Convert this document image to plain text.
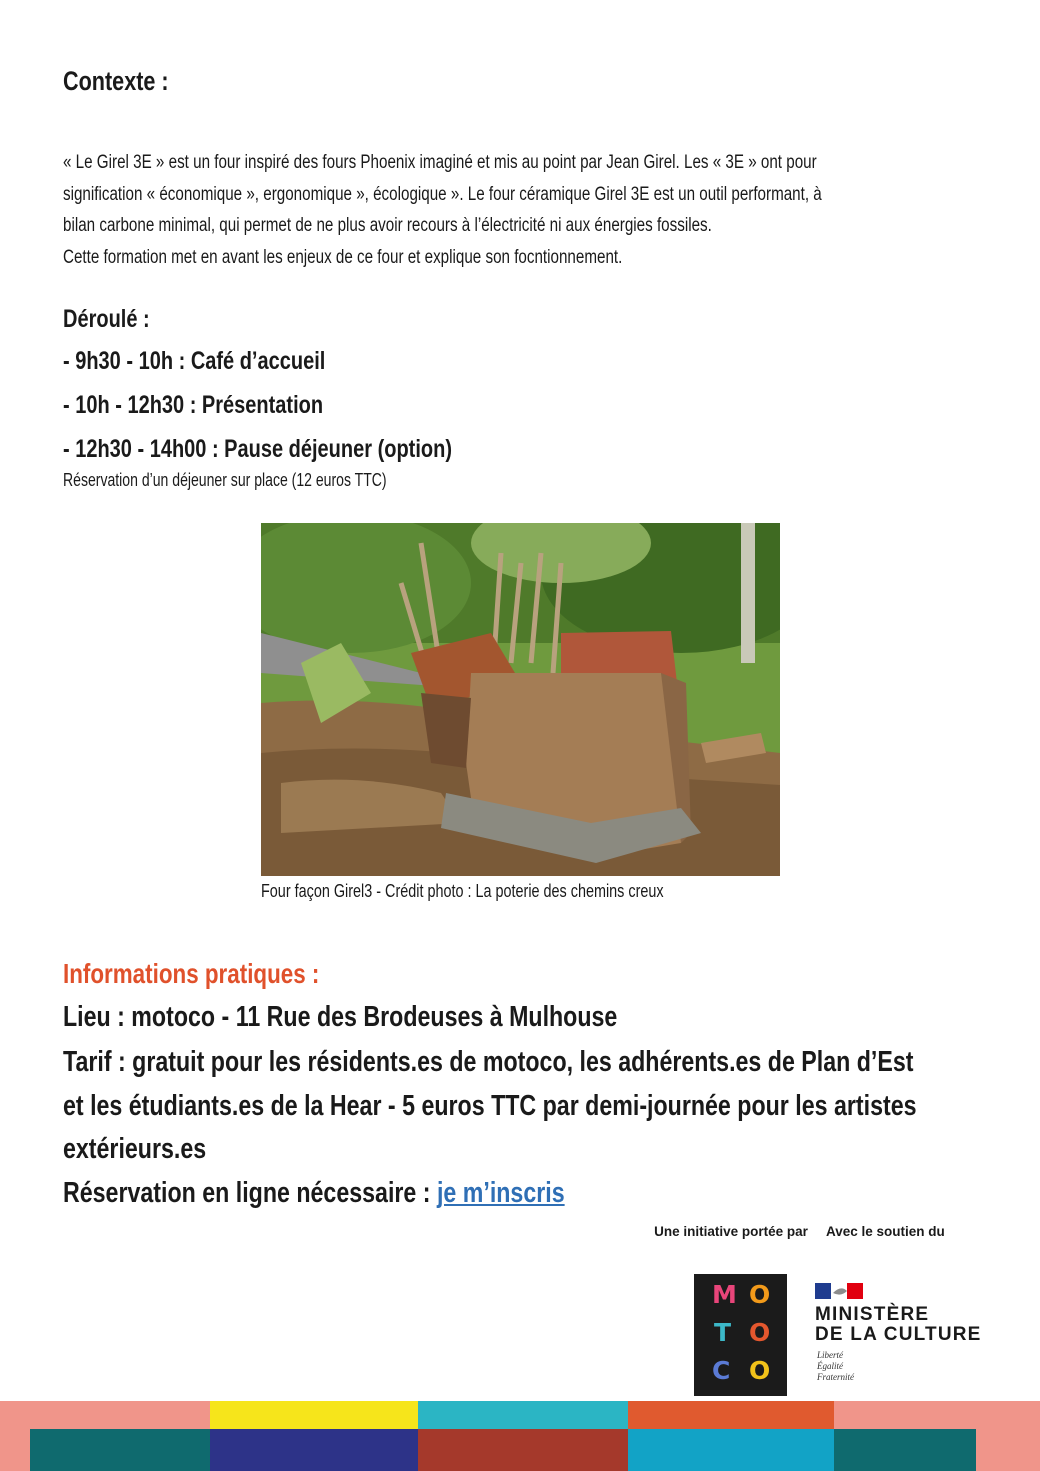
Contexte :
« Le Girel 3E » est un four inspiré des fours Phoenix imaginé et mis au point par Jean Girel. Les « 3E » ont pour
signification « économique », ergonomique », écologique ». Le four céramique Girel 3E est un outil performant, à
bilan carbone minimal, qui permet de ne plus avoir recours à l’électricité ni aux énergies fossiles.
Cette formation met en avant les enjeux de ce four et explique son focntionnement.
Déroulé :
- 9h30 - 10h : Café d’accueil
- 10h - 12h30 : Présentation
- 12h30 - 14h00 : Pause déjeuner (option)
Réservation d’un déjeuner sur place (12 euros TTC)
Four façon Girel3 - Crédit photo : La poterie des chemins creux
Informations pratiques :
Lieu : motoco - 11 Rue des Brodeuses à Mulhouse
Tarif : gratuit pour les résidents.es de motoco, les adhérents.es de Plan d’Est
et les étudiants.es de la Hear - 5 euros TTC par demi-journée pour les artistes
extérieurs.es
Réservation en ligne nécessaire : je m’inscris
Une initiative portée par	Avec le soutien du
M O
T O
C O
MINISTÈRE
DE LA CULTURE
Liberté
Égalité
Fraternité
